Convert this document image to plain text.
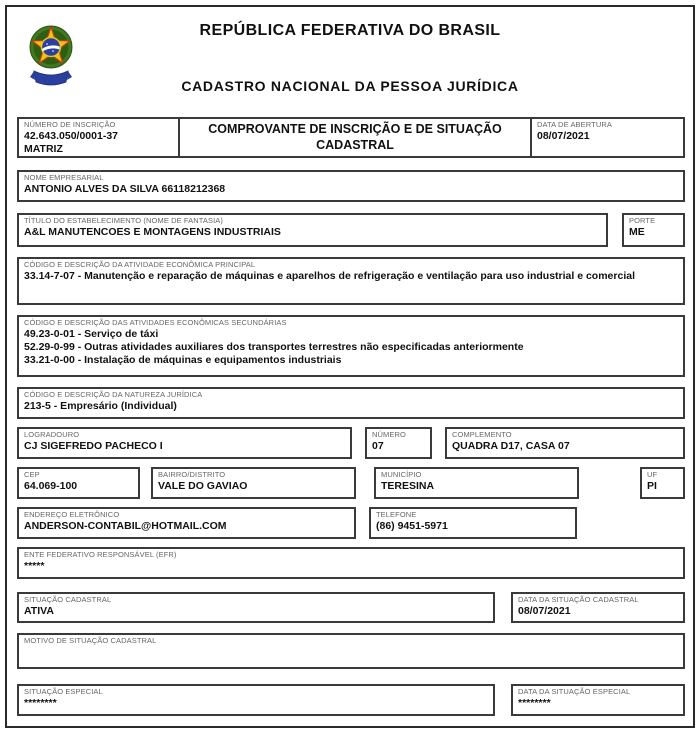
REPÚBLICA FEDERATIVA DO BRASIL
CADASTRO NACIONAL DA PESSOA JURÍDICA
NÚMERO DE INSCRIÇÃO
42.643.050/0001-37
MATRIZ
COMPROVANTE DE INSCRIÇÃO E DE SITUAÇÃO CADASTRAL
DATA DE ABERTURA
08/07/2021
NOME EMPRESARIAL
ANTONIO ALVES DA SILVA 66118212368
TÍTULO DO ESTABELECIMENTO (NOME DE FANTASIA)
A&L MANUTENCOES E MONTAGENS INDUSTRIAIS
PORTE
ME
CÓDIGO E DESCRIÇÃO DA ATIVIDADE ECONÔMICA PRINCIPAL
33.14-7-07 - Manutenção e reparação de máquinas e aparelhos de refrigeração e ventilação para uso industrial e comercial
CÓDIGO E DESCRIÇÃO DAS ATIVIDADES ECONÔMICAS SECUNDÁRIAS
49.23-0-01 - Serviço de táxi
52.29-0-99 - Outras atividades auxiliares dos transportes terrestres não especificadas anteriormente
33.21-0-00 - Instalação de máquinas e equipamentos industriais
CÓDIGO E DESCRIÇÃO DA NATUREZA JURÍDICA
213-5 - Empresário (Individual)
LOGRADOURO
CJ SIGEFREDO PACHECO I
NÚMERO
07
COMPLEMENTO
QUADRA D17, CASA 07
CEP
64.069-100
BAIRRO/DISTRITO
VALE DO GAVIAO
MUNICÍPIO
TERESINA
UF
PI
ENDEREÇO ELETRÔNICO
ANDERSON-CONTABIL@HOTMAIL.COM
TELEFONE
(86) 9451-5971
ENTE FEDERATIVO RESPONSÁVEL (EFR)
*****
SITUAÇÃO CADASTRAL
ATIVA
DATA DA SITUAÇÃO CADASTRAL
08/07/2021
MOTIVO DE SITUAÇÃO CADASTRAL
SITUAÇÃO ESPECIAL
********
DATA DA SITUAÇÃO ESPECIAL
********
